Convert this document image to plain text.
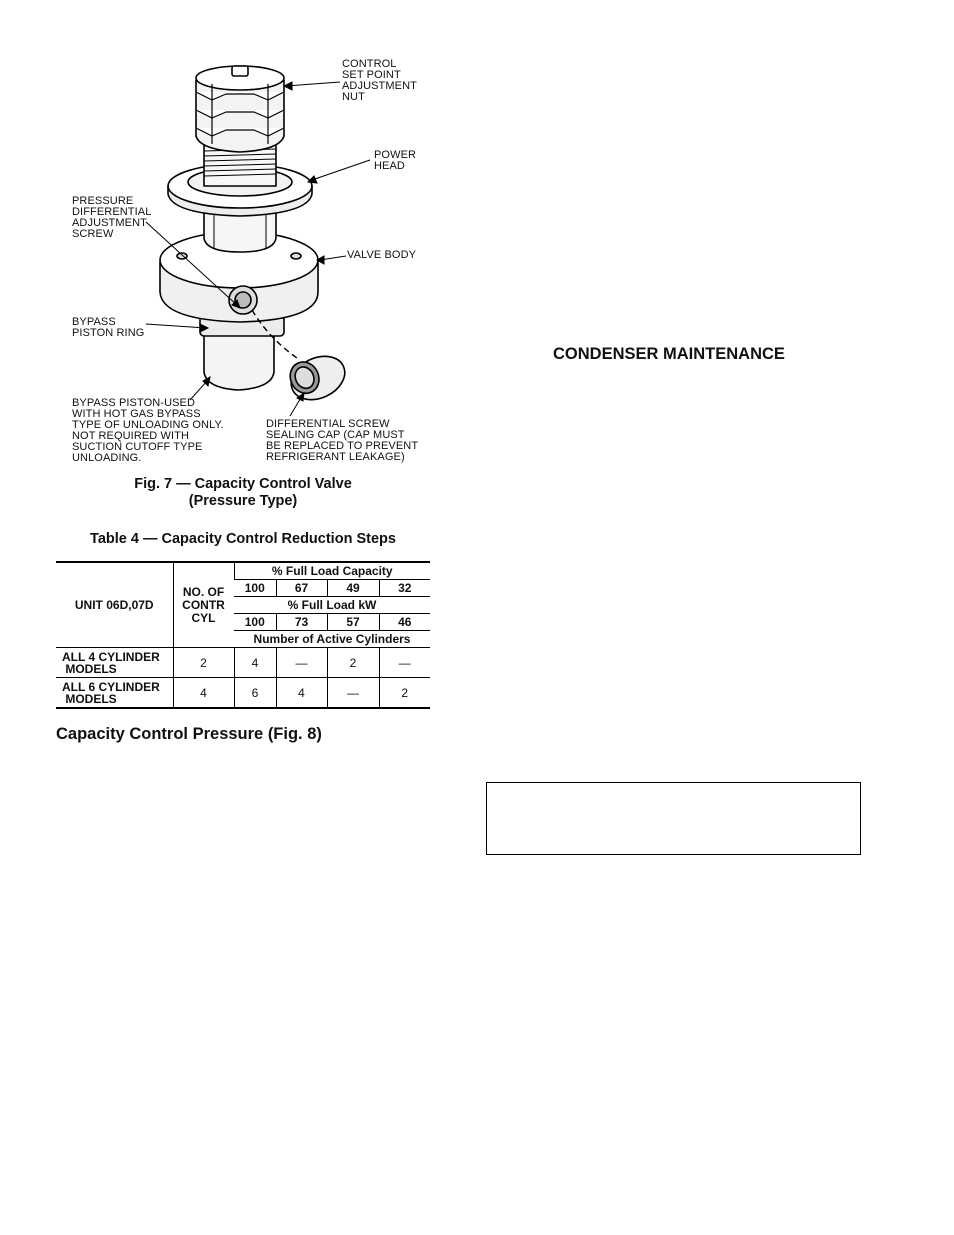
CONTROL
SET POINT
ADJUSTMENT
NUT
POWER
HEAD
PRESSURE
DIFFERENTIAL
ADJUSTMENT
SCREW
VALVE BODY
BYPASS
PISTON RING
BYPASS PISTON-USED
WITH HOT GAS BYPASS
TYPE OF UNLOADING ONLY.
NOT REQUIRED WITH
SUCTION CUTOFF TYPE
UNLOADING.
DIFFERENTIAL SCREW
SEALING CAP (CAP MUST
BE REPLACED TO PREVENT
REFRIGERANT LEAKAGE)
Fig. 7 — Capacity Control Valve
(Pressure Type)
Table 4 — Capacity Control Reduction Steps
UNIT 06D,07D	NO. OF
CONTR
CYL	% Full Load Capacity			
		100	67	49	32
		% Full Load kW			
		100	73	57	46
		Number of Active Cylinders			
ALL 4 CYLINDER
MODELS	2	4	—	2	—
ALL 6 CYLINDER
MODELS	4	6	4	—	2
Capacity Control Pressure (Fig. 8)
CONDENSER MAINTENANCE
